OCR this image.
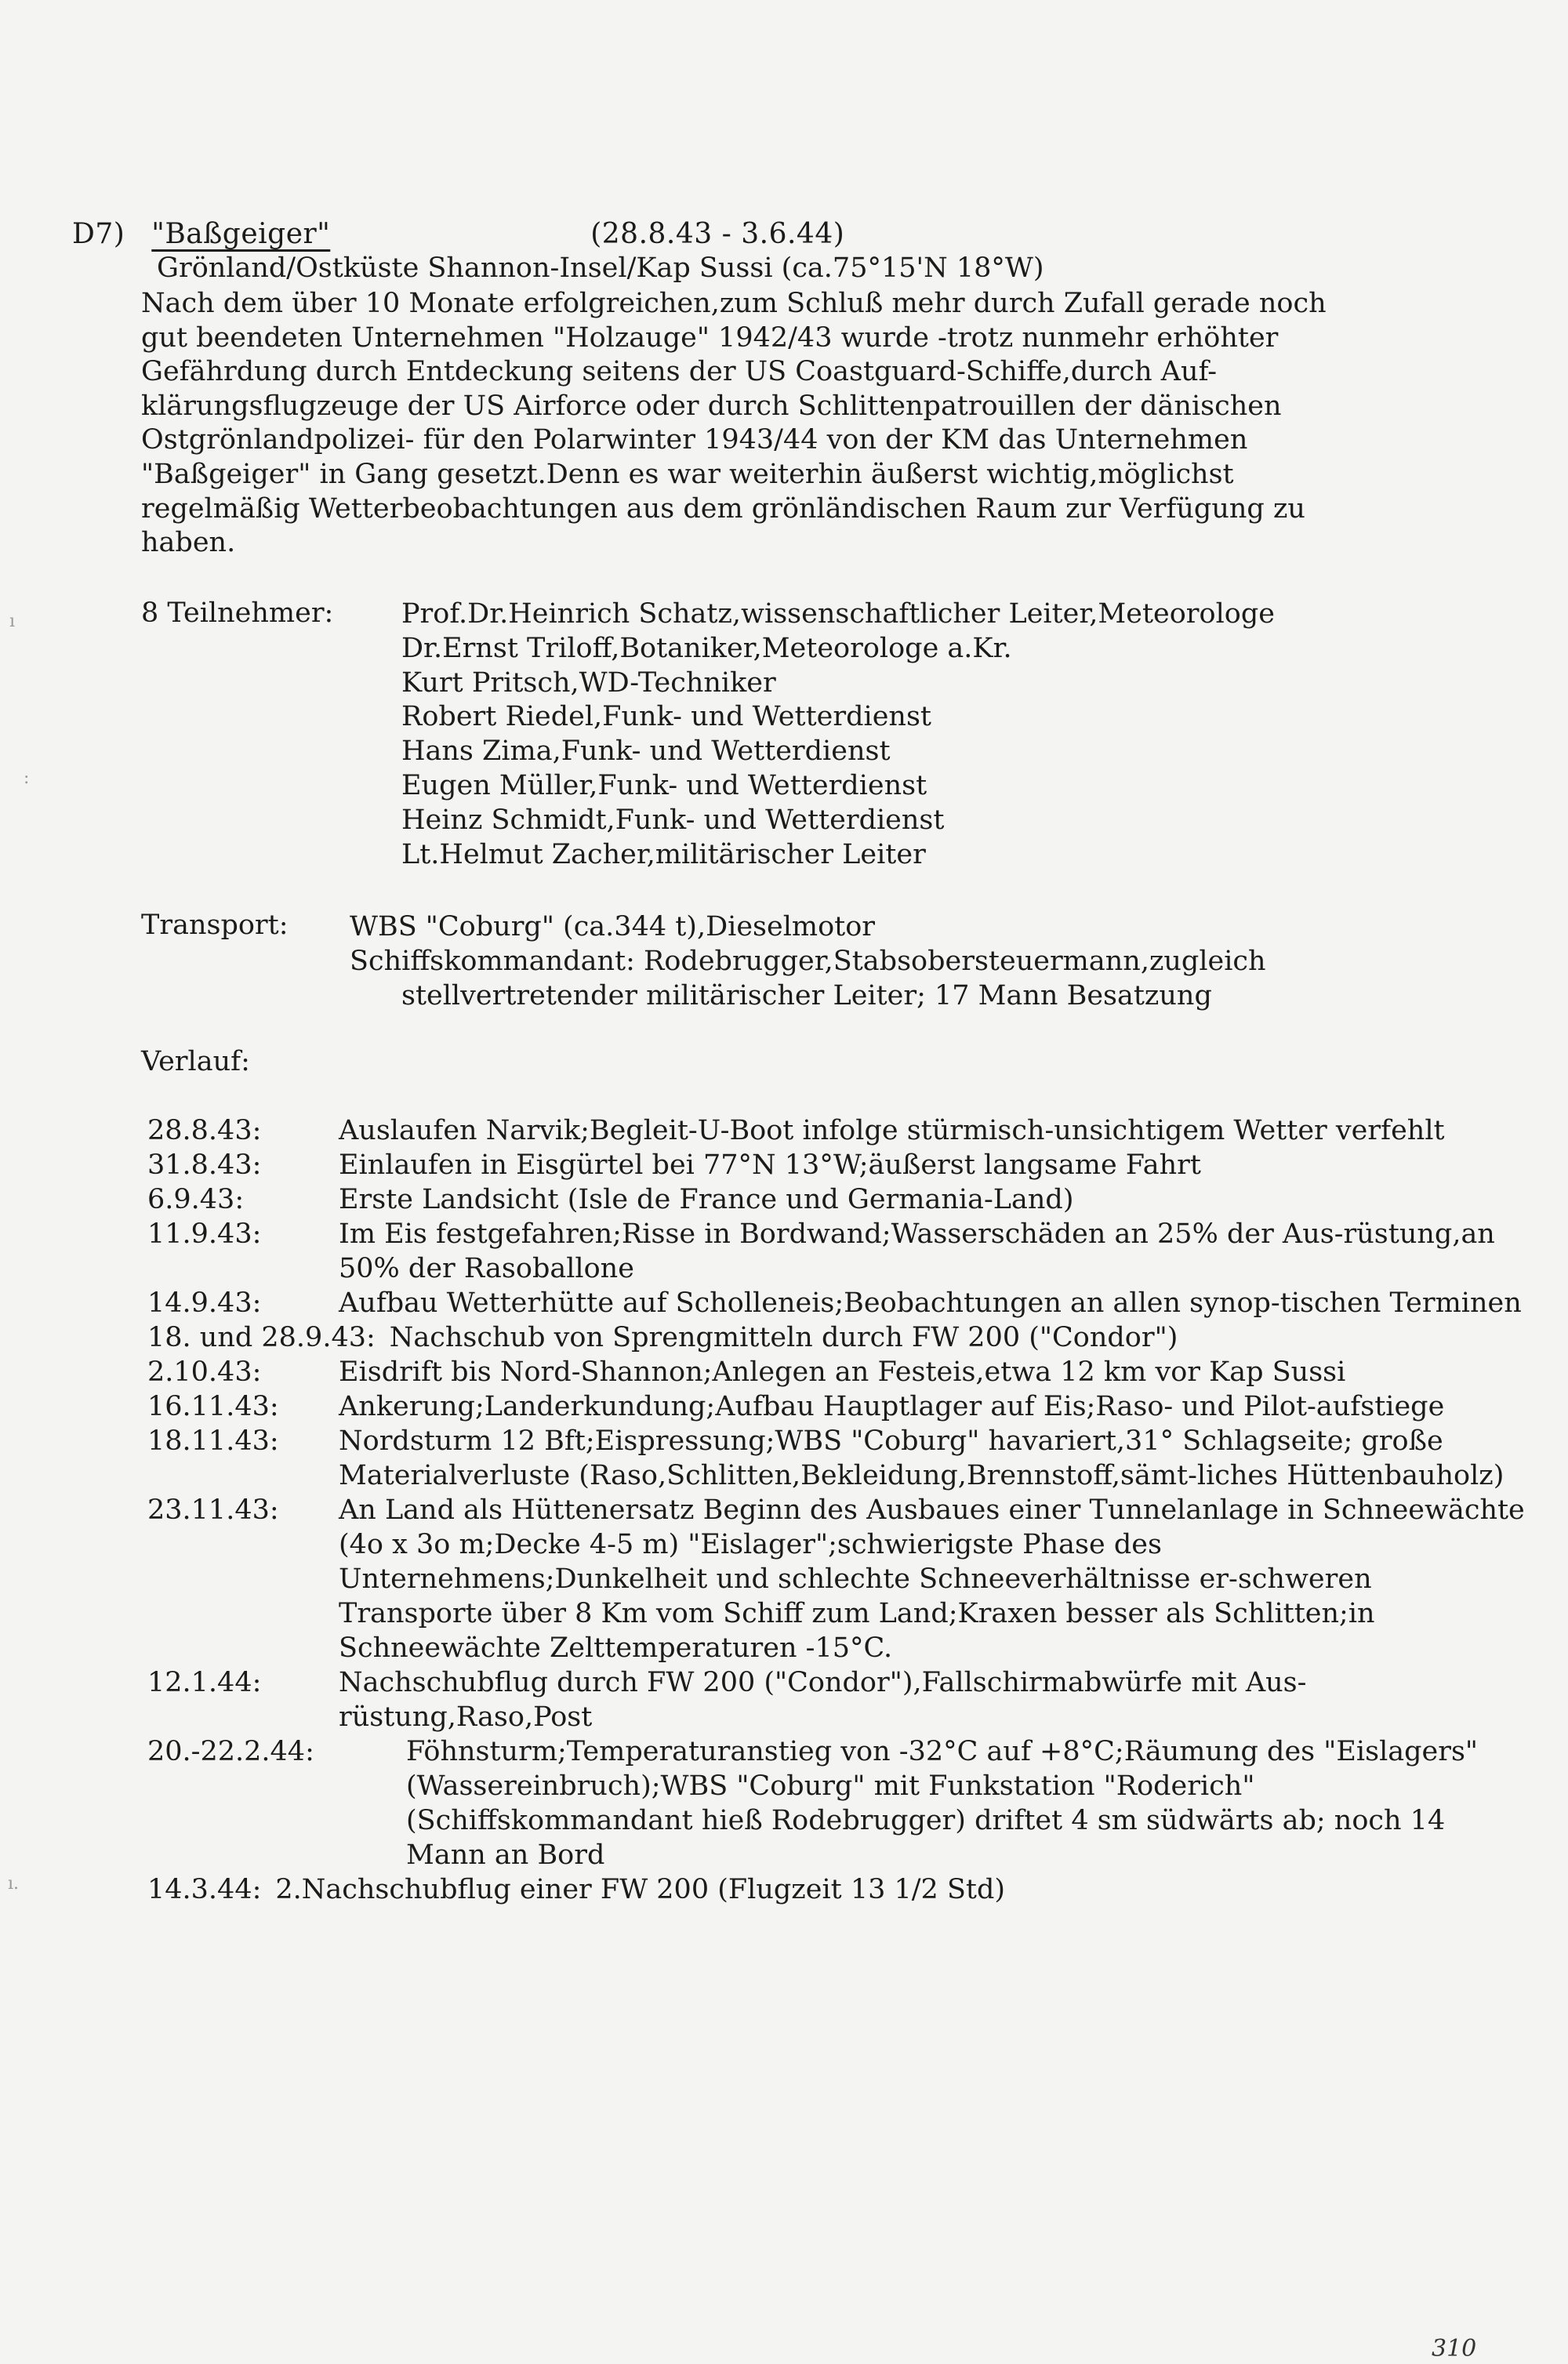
D7) "Baßgeiger"	(28.8.43 - 3.6.44)
Grönland/Ostküste Shannon-Insel/Kap Sussi (ca.75°15'N 18°W)
Nach dem über 10 Monate erfolgreichen,zum Schluß mehr durch Zufall gerade noch
gut beendeten Unternehmen "Holzauge" 1942/43 wurde -trotz nunmehr erhöhter
Gefährdung durch Entdeckung seitens der US Coastguard-Schiffe,durch Auf-
klärungsflugzeuge der US Airforce oder durch Schlittenpatrouillen der dänischen
Ostgrönlandpolizei- für den Polarwinter 1943/44 von der KM das Unternehmen
"Baßgeiger" in Gang gesetzt.Denn es war weiterhin äußerst wichtig,möglichst
regelmäßig Wetterbeobachtungen aus dem grönländischen Raum zur Verfügung zu
haben.
8 Teilnehmer: Prof.Dr.Heinrich Schatz,wissenschaftlicher Leiter,Meteorologe
Dr.Ernst Triloff,Botaniker,Meteorologe a.Kr.
Kurt Pritsch,WD-Techniker
Robert Riedel,Funk- und Wetterdienst
Hans Zima,Funk- und Wetterdienst
Eugen Müller,Funk- und Wetterdienst
Heinz Schmidt,Funk- und Wetterdienst
Lt.Helmut Zacher,militärischer Leiter
Transport: WBS "Coburg" (ca.344 t),Dieselmotor
Schiffskommandant: Rodebrugger,Stabsobersteuermann,zugleich
stellvertretender militärischer Leiter; 17 Mann Besatzung
Verlauf:
28.8.43:	Auslaufen Narvik;Begleit-U-Boot infolge stürmisch-unsichtigem Wetter verfehlt
31.8.43:	Einlaufen in Eisgürtel bei 77°N 13°W;äußerst langsame Fahrt
6.9.43:	Erste Landsicht (Isle de France und Germania-Land)
11.9.43:	Im Eis festgefahren;Risse in Bordwand;Wasserschäden an 25% der Aus-rüstung,an 50% der Rasoballone
14.9.43:	Aufbau Wetterhütte auf Scholleneis;Beobachtungen an allen synop-tischen Terminen
18. und 28.9.43: Nachschub von Sprengmitteln durch FW 200 ("Condor")
2.10.43:	Eisdrift bis Nord-Shannon;Anlegen an Festeis,etwa 12 km vor Kap Sussi
16.11.43:	Ankerung;Landerkundung;Aufbau Hauptlager auf Eis;Raso- und Pilot-aufstiege
18.11.43:	Nordsturm 12 Bft;Eispressung;WBS "Coburg" havariert,31° Schlagseite; große Materialverluste (Raso,Schlitten,Bekleidung,Brennstoff,sämt-liches Hüttenbauholz)
23.11.43:	An Land als Hüttenersatz Beginn des Ausbaues einer Tunnelanlage in Schneewächte (4o x 3o m;Decke 4-5 m) "Eislager";schwierigste Phase des Unternehmens;Dunkelheit und schlechte Schneeverhältnisse er-schweren Transporte über 8 Km vom Schiff zum Land;Kraxen besser als Schlitten;in Schneewächte Zelttemperaturen -15°C.
12.1.44:	Nachschubflug durch FW 200 ("Condor"),Fallschirmabwürfe mit Aus-rüstung,Raso,Post
20.-22.2.44:	Föhnsturm;Temperaturanstieg von -32°C auf +8°C;Räumung des "Eislagers" (Wassereinbruch);WBS "Coburg" mit Funkstation "Roderich" (Schiffskommandant hieß Rodebrugger) driftet 4 sm südwärts ab; noch 14 Mann an Bord
14.3.44: 2.Nachschubflug einer FW 200 (Flugzeit 13 1/2 Std)
310
ı
:
ı.
